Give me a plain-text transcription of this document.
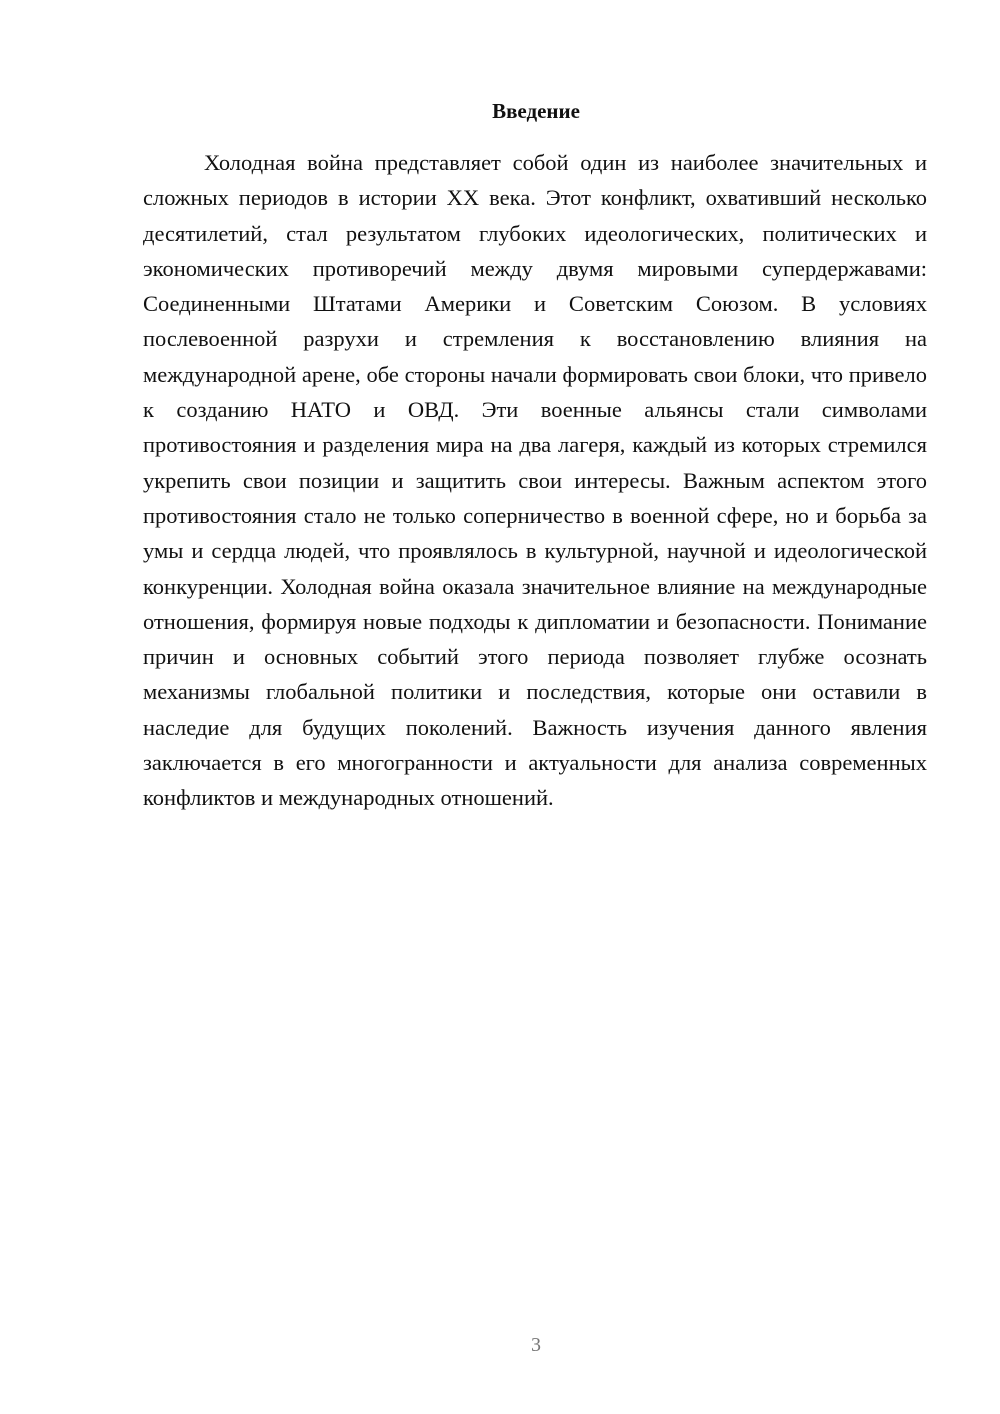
Введение

Холодная война представляет собой один из наиболее значительных и сложных периодов в истории XX века. Этот конфликт, охвативший несколько десятилетий, стал результатом глубоких идеологических, политических и экономических противоречий между двумя мировыми супердержавами: Соединенными Штатами Америки и Советским Союзом. В условиях послевоенной разрухи и стремления к восстановлению влияния на международной арене, обе стороны начали формировать свои блоки, что привело к созданию НАТО и ОВД. Эти военные альянсы стали символами противостояния и разделения мира на два лагеря, каждый из которых стремился укрепить свои позиции и защитить свои интересы. Важным аспектом этого противостояния стало не только соперничество в военной сфере, но и борьба за умы и сердца людей, что проявлялось в культурной, научной и идеологической конкуренции. Холодная война оказала значительное влияние на международные отношения, формируя новые подходы к дипломатии и безопасности. Понимание причин и основных событий этого периода позволяет глубже осознать механизмы глобальной политики и последствия, которые они оставили в наследие для будущих поколений. Важность изучения данного явления заключается в его многогранности и актуальности для анализа современных конфликтов и международных отношений.

3
